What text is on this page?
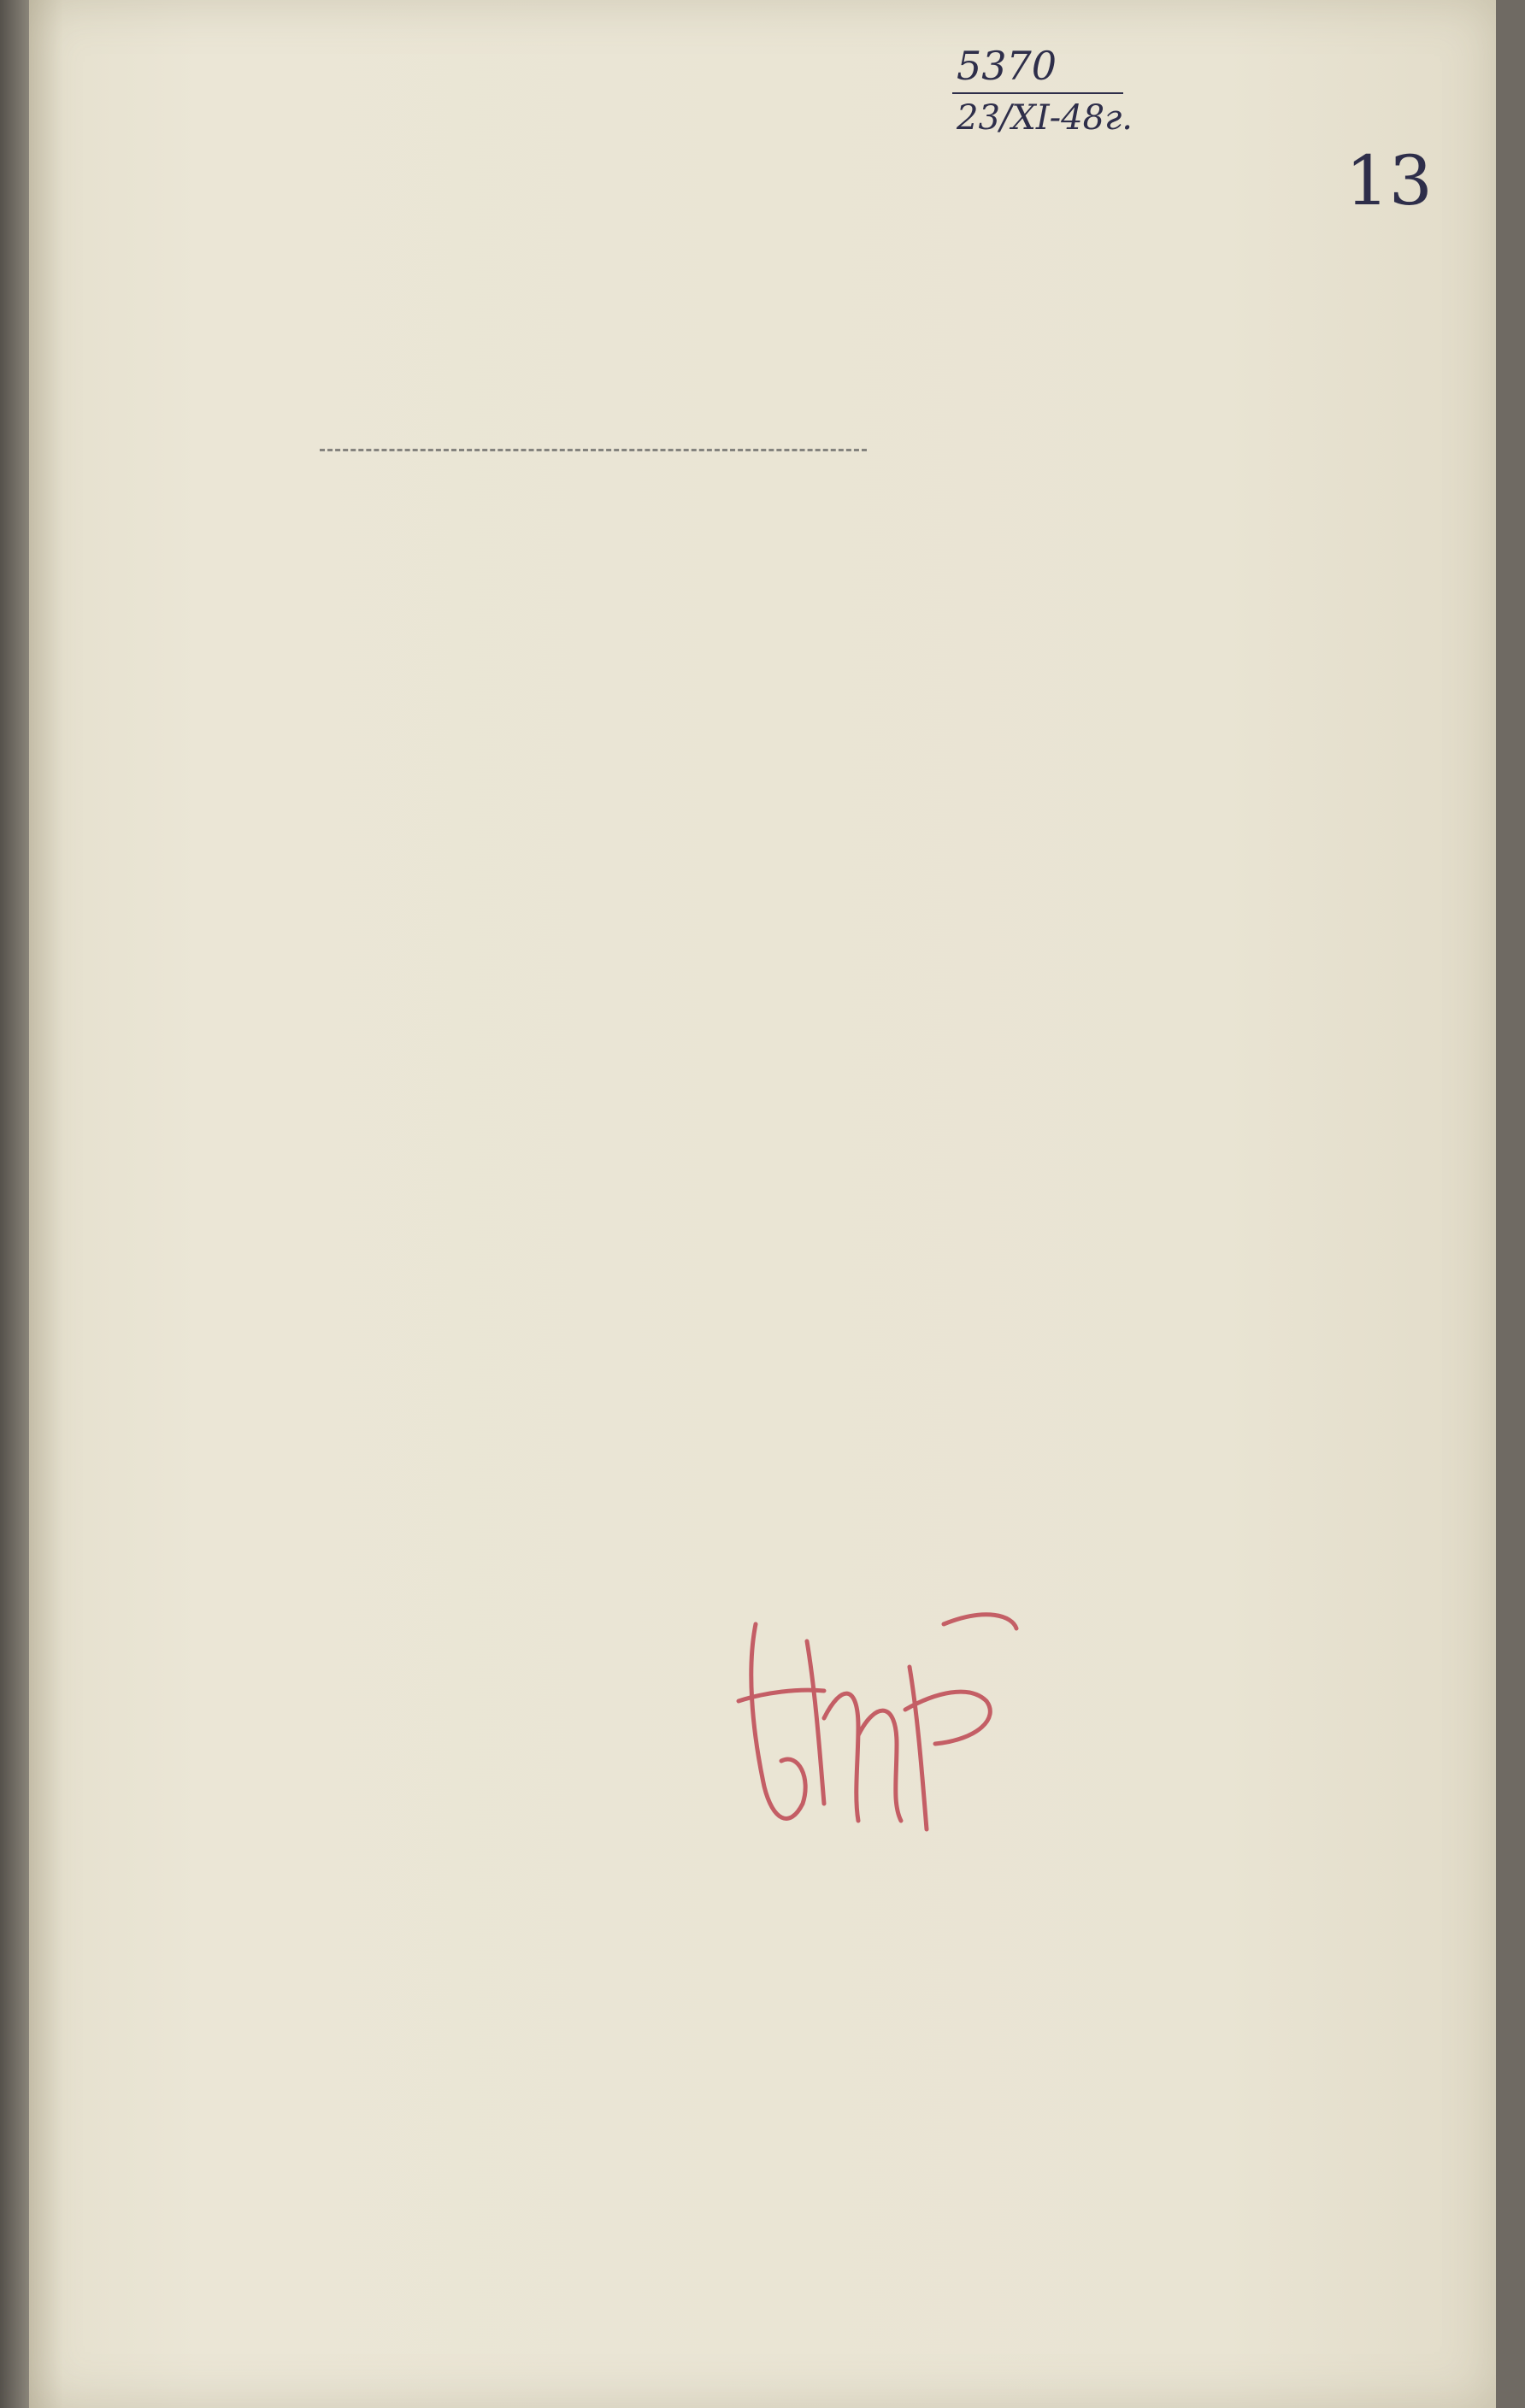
5370
23/XI-48г.
13
